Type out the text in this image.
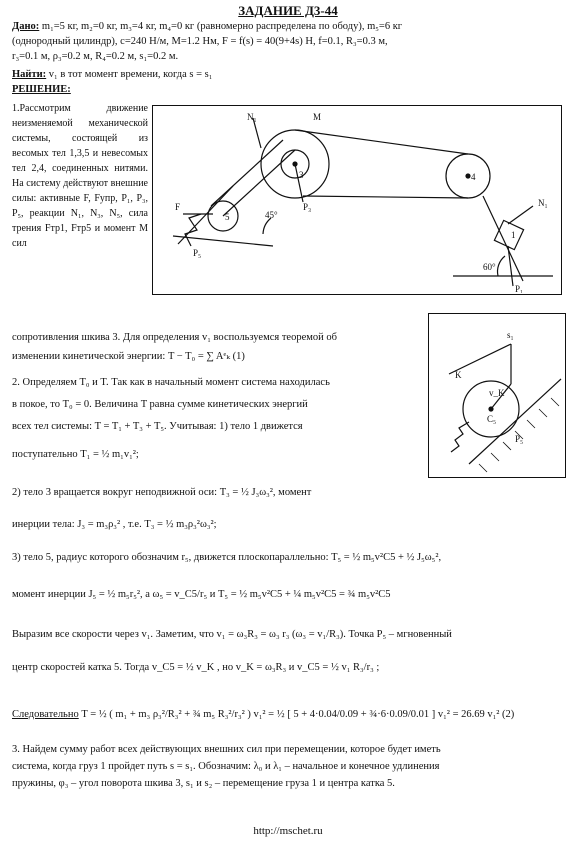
ЗАДАНИЕ Д3-44
Дано: m₁=5 кг, m₂=0 кг, m₃=4 кг, m₄=0 кг (равномерно распределена по ободу), m₅=6 кг
(однородный цилиндр), c=240 Н/м, M=1.2 Нм, F = f(s) = 40(9+4s) Н, f=0.1, R₃=0.3 м,
r₃=0.1 м, ρ₃=0.2 м, R₄=0.2 м, s₁=0.2 м.
Найти: v₁ в тот момент времени, когда s = s₁
РЕШЕНИЕ:
1.Рассмотрим движение неизменяемой механической системы, состоящей из весомых тел 1,3,5 и невесомых тел 2,4, соединенных нитями. На систему действуют внешние силы: активные F, Fупр, P₁, P₃, P₅, реакции N₁, N₃, N₅, сила трения Fтр1, Fтр5 и момент M сил
N₁	M
3	4
1
5
F
60°
45°
P₃
P₁
P₅
N₁
s₁
K
v_K
C₅
P₅
сопротивления шкива 3. Для определения v₁ воспользуемся теоремой об
изменении кинетической энергии: T − T₀ = ∑ Aᵉₖ (1)
2. Определяем T₀ и T. Так как в начальный момент система находилась
в покое, то T₀ = 0. Величина T равна сумме кинетических энергий
всех тел системы: T = T₁ + T₃ + T₅. Учитывая: 1) тело 1 движется
поступательно T₁ = ½ m₁v₁²;
2) тело 3 вращается вокруг неподвижной оси: T₃ = ½ J₃ω₃², момент
инерции тела: J₃ = m₃ρ₃² , т.е. T₃ = ½ m₃ρ₃²ω₃²;
3) тело 5, радиус которого обозначим r₅, движется плоскопараллельно: T₅ = ½ m₅v²C5 + ½ J₅ω₅²,
момент инерции J₅ = ½ m₅r₅², а ω₅ = v_C5/r₅ и T₅ = ½ m₅v²C5 + ¼ m₅v²C5 = ¾ m₅v²C5
Выразим все скорости через v₁. Заметим, что v₁ = ω₃R₃ = ω₃ r₃ (ω₃ = v₁/R₃). Точка P₅ – мгновенный
центр скоростей катка 5. Тогда v_C5 = ½ v_K , но v_K = ω₃R₃ и v_C5 = ½ v₁ R₃/r₃ ;
Следовательно T = ½ ( m₁ + m₃ ρ₃²/R₃² + ¾ m₅ R₃²/r₃² ) v₁² = ½ [ 5 + 4·0.04/0.09 + ¾·6·0.09/0.01 ] v₁² = 26.69 v₁² (2)
3. Найдем сумму работ всех действующих внешних сил при перемещении, которое будет иметь
система, когда груз 1 пройдет путь s = s₁. Обозначим: λ₀ и λ₁ – начальное и конечное удлинения
пружины, φ₃ – угол поворота шкива 3, s₁ и s₂ – перемещение груза 1 и центра катка 5.
http://mschet.ru
